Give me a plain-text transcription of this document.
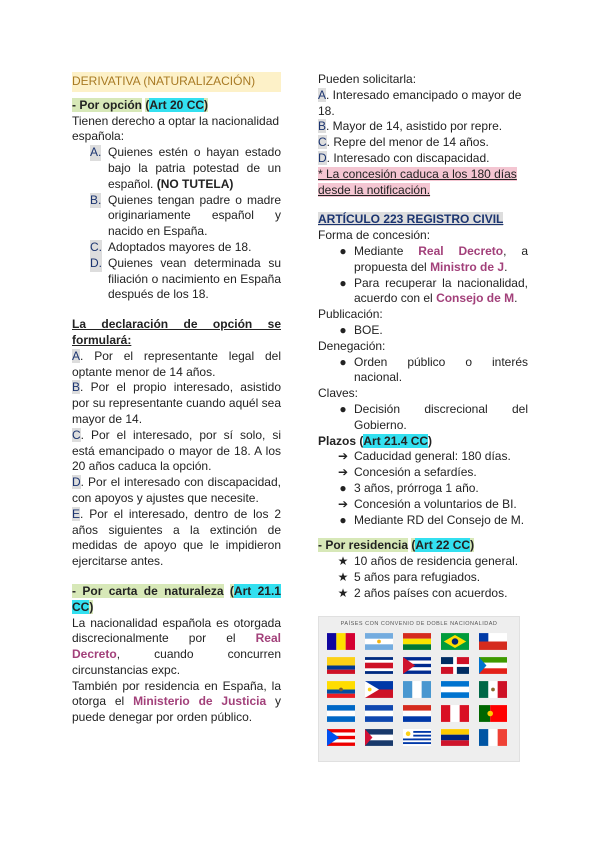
DERIVATIVA (NATURALIZACIÓN)

- Por opción (Art 20 CC)

Tienen derecho a optar la nacionalidad española:

A. Quienes estén o hayan estado bajo la patria potestad de un español. (NO TUTELA)
B. Quienes tengan padre o madre originariamente español y nacido en España.
C. Adoptados mayores de 18.
D. Quienes vean determinada su filiación o nacimiento en España después de los 18.

La declaración de opción se formulará:

A. Por el representante legal del optante menor de 14 años.

B. Por el propio interesado, asistido por su representante cuando aquél sea mayor de 14.

C. Por el interesado, por sí solo, si está emancipado o mayor de 18. A los 20 años caduca la opción.

D. Por el interesado con discapacidad, con apoyos y ajustes que necesite.

E. Por el interesado, dentro de los 2 años siguientes a la extinción de medidas de apoyo que le impidieron ejercitarse antes.

- Por carta de naturaleza (Art 21.1 CC)

La nacionalidad española es otorgada discrecionalmente por el Real Decreto, cuando concurren circunstancias expc.

También por residencia en España, la otorga el Ministerio de Justicia y puede denegar por orden público.

Pueden solicitarla:

A. Interesado emancipado o mayor de 18.

B. Mayor de 14, asistido por repre.

C. Repre del menor de 14 años.

D. Interesado con discapacidad.

* La concesión caduca a los 180 días desde la notificación.

ARTÍCULO 223 REGISTRO CIVIL

Forma de concesión:

● Mediante Real Decreto, a propuesta del Ministro de J.
● Para recuperar la nacionalidad, acuerdo con el Consejo de M.

Publicación:

● BOE.

Denegación:

● Orden público o interés nacional.

Claves:

● Decisión discrecional del Gobierno.

Plazos (Art 21.4 CC)

➔ Caducidad general: 180 días.
➔ Concesión a sefardíes.
● 3 años, prórroga 1 año.
➔ Concesión a voluntarios de BI.
● Mediante RD del Consejo de M.

- Por residencia (Art 22 CC)

★ 10 años de residencia general.
★ 5 años para refugiados.
★ 2 años países con acuerdos.
PAÍSES CON CONVENIO DE DOBLE NACIONALIDAD
